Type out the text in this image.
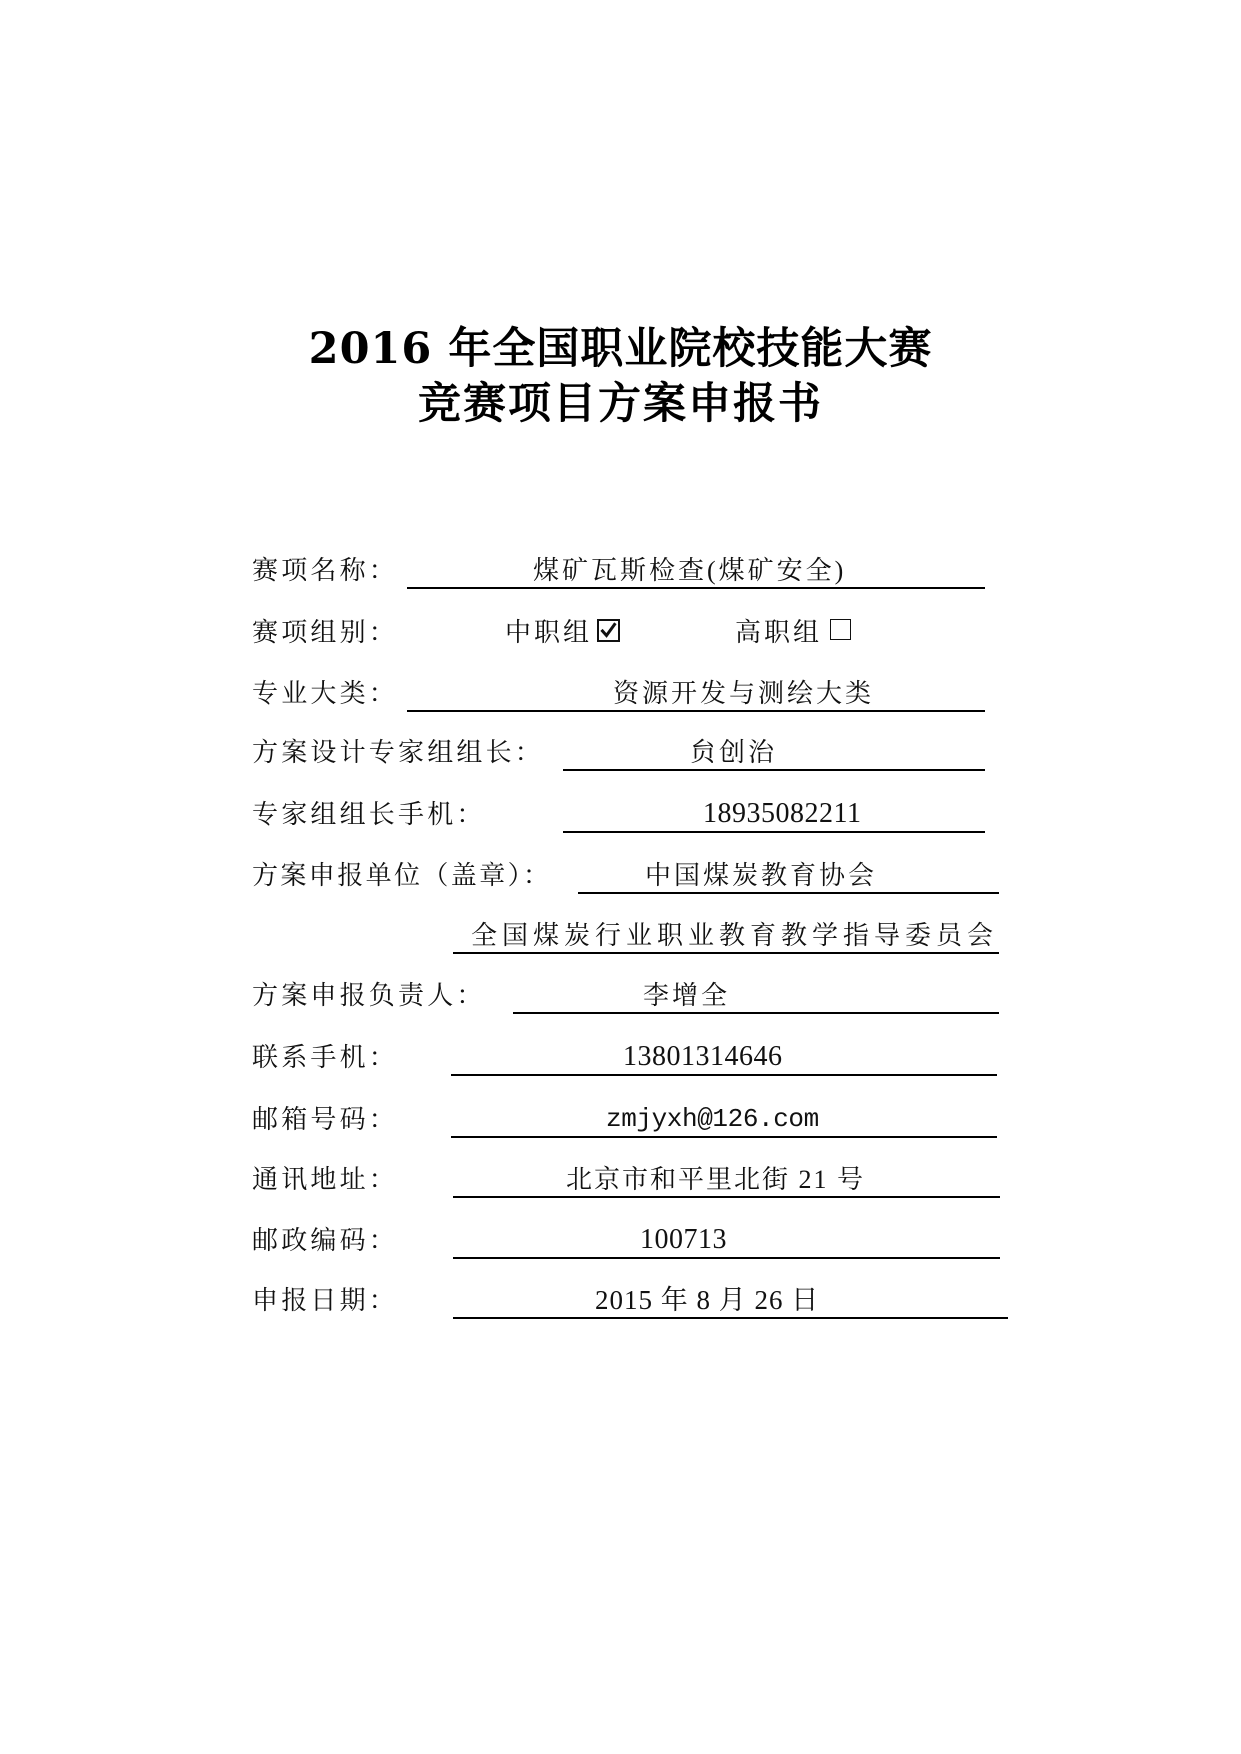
2016 年全国职业院校技能大赛
竞赛项目方案申报书
赛项名称：	煤矿瓦斯检查(煤矿安全)
赛项组别：	中职组	高职组
专业大类：	资源开发与测绘大类
方案设计专家组组长：	贠创治
专家组组长手机：	18935082211
方案申报单位（盖章）：	中国煤炭教育协会
全国煤炭行业职业教育教学指导委员会
方案申报负责人：	李增全
联系手机：	13801314646
邮箱号码：	zmjyxh@126.com
通讯地址：	北京市和平里北街 21 号
邮政编码：	100713
申报日期：	2015 年 8 月 26 日
